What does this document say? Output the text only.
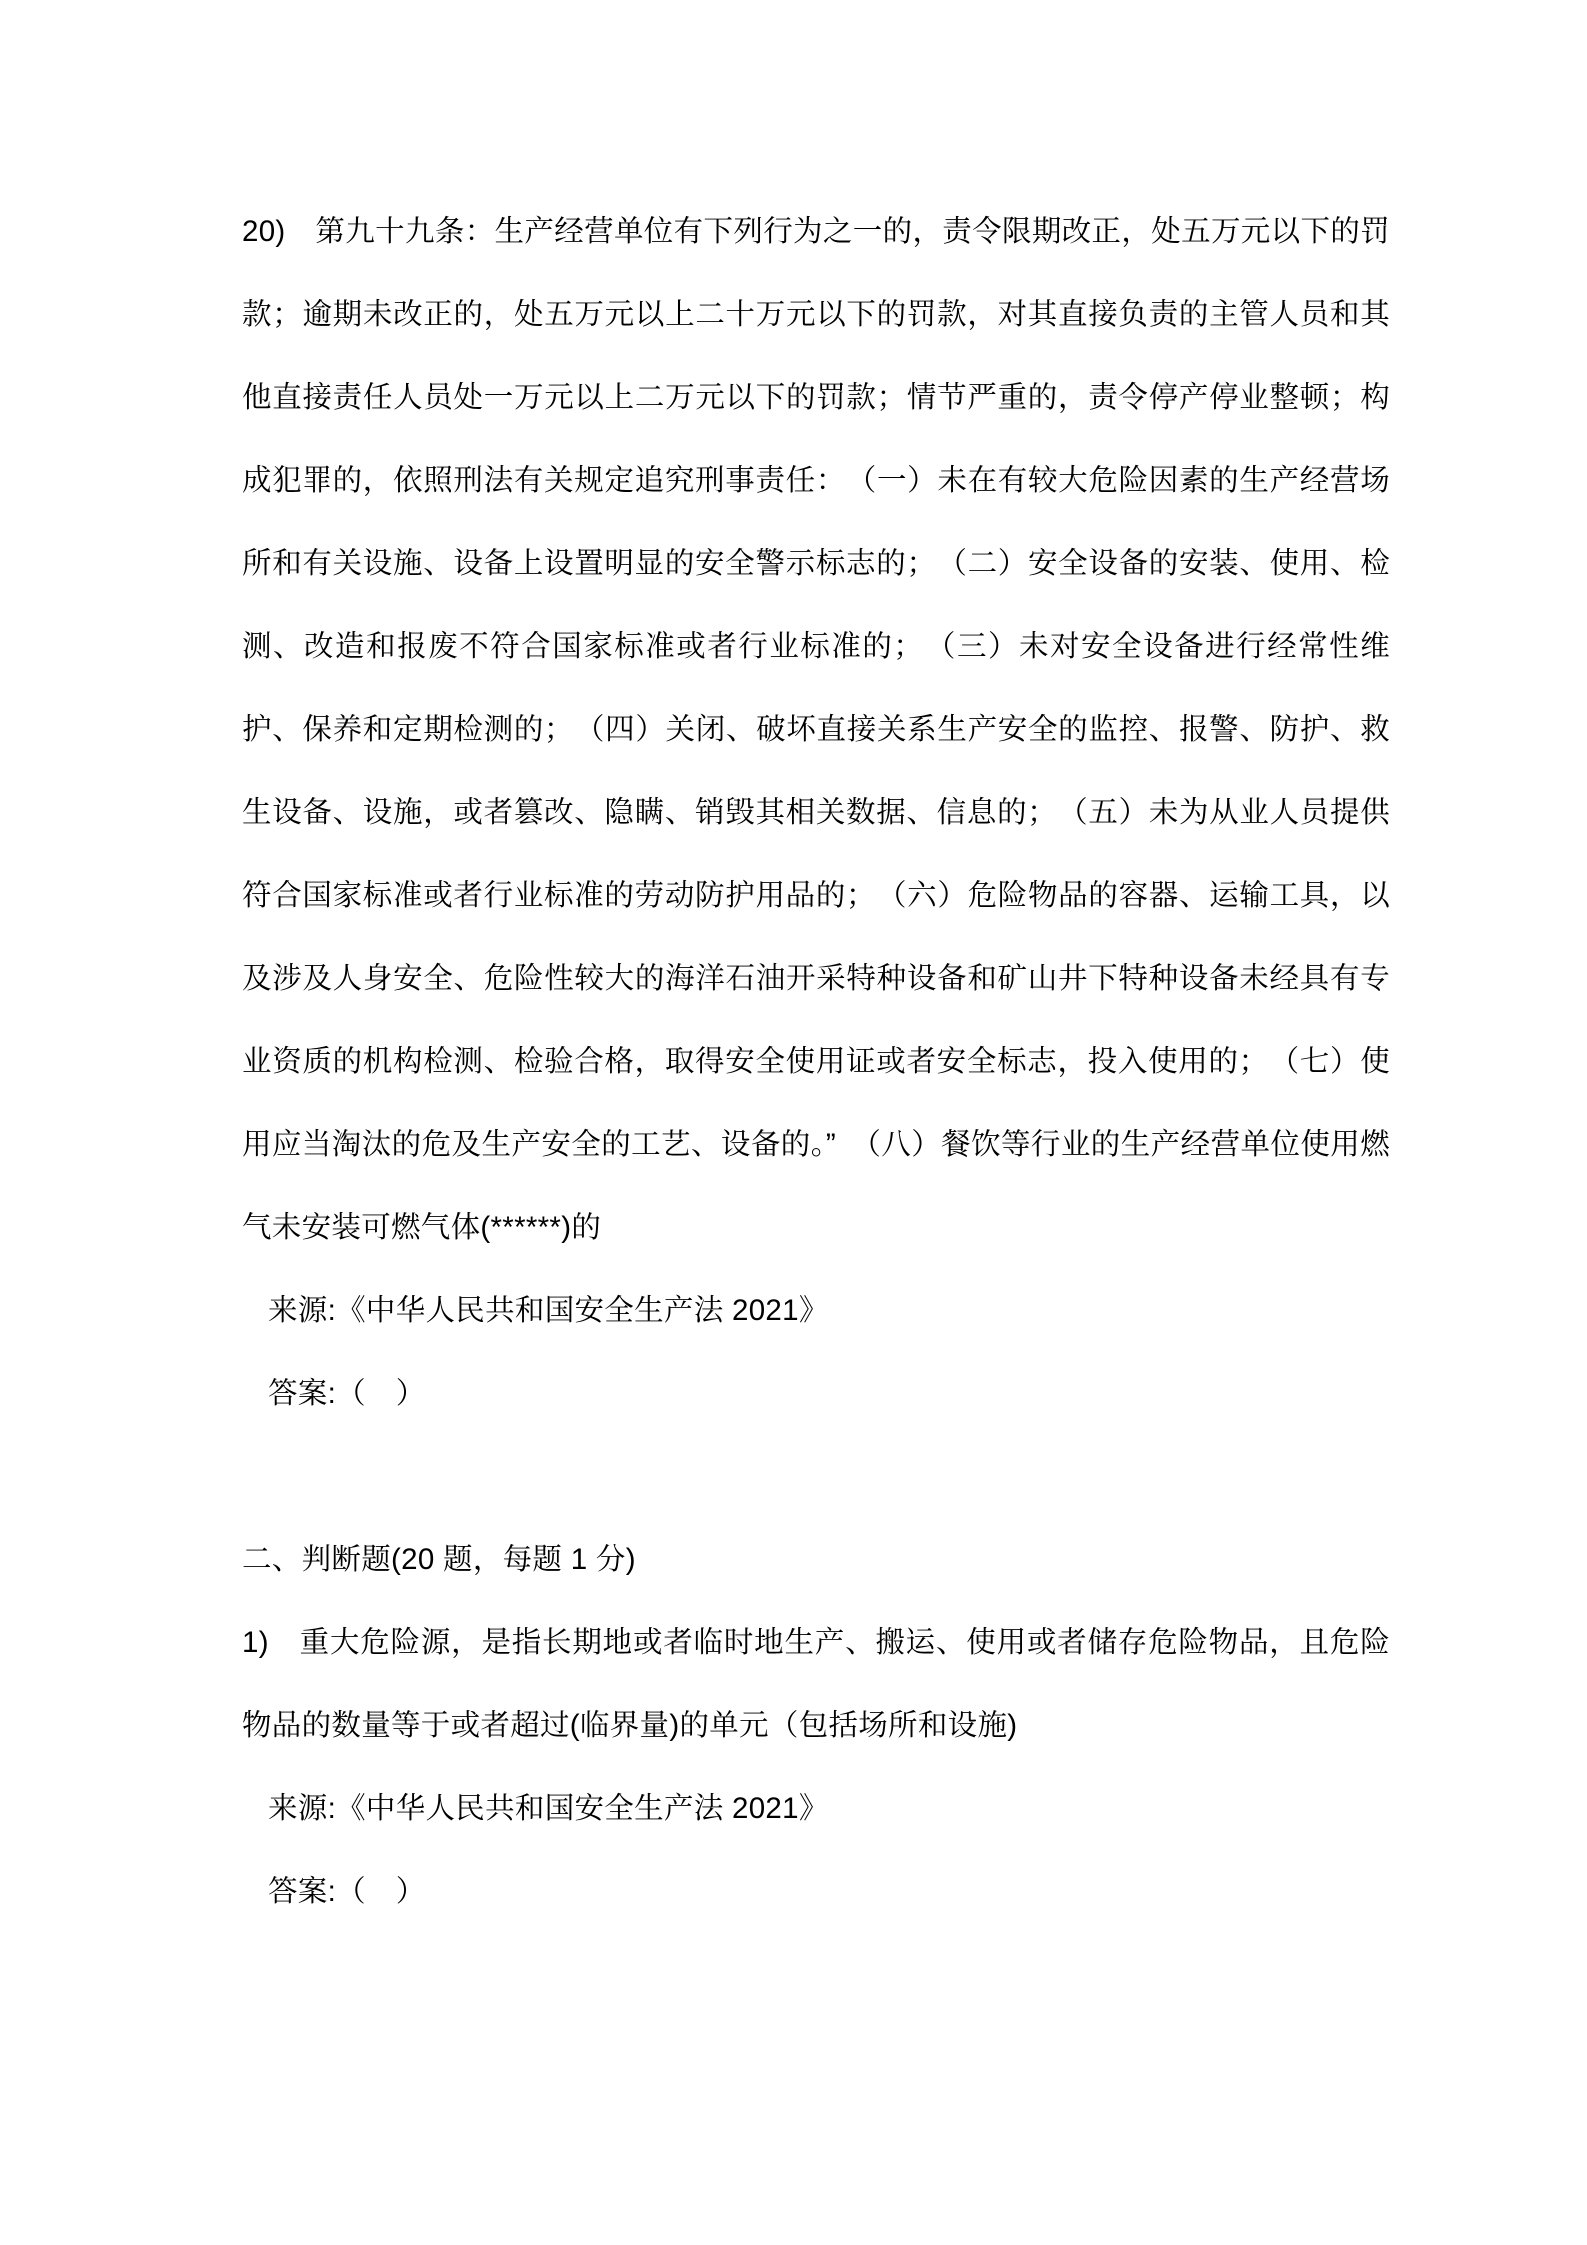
20)　第九十九条：生产经营单位有下列行为之一的，责令限期改正，处五万元以下的罚款；逾期未改正的，处五万元以上二十万元以下的罚款，对其直接负责的主管人员和其他直接责任人员处一万元以上二万元以下的罚款；情节严重的，责令停产停业整顿；构成犯罪的，依照刑法有关规定追究刑事责任：　（一）未在有较大危险因素的生产经营场所和有关设施、设备上设置明显的安全警示标志的；　（二）安全设备的安装、使用、检测、改造和报废不符合国家标准或者行业标准的；　（三）未对安全设备进行经常性维护、保养和定期检测的；　（四）关闭、破坏直接关系生产安全的监控、报警、防护、救生设备、设施，或者篡改、隐瞒、销毁其相关数据、信息的；　（五）未为从业人员提供符合国家标准或者行业标准的劳动防护用品的；　（六）危险物品的容器、运输工具，以及涉及人身安全、危险性较大的海洋石油开采特种设备和矿山井下特种设备未经具有专业资质的机构检测、检验合格，取得安全使用证或者安全标志，投入使用的；　（七）使用应当淘汰的危及生产安全的工艺、设备的。”　（八）餐饮等行业的生产经营单位使用燃气未安装可燃气体(******)的

来源:《中华人民共和国安全生产法 2021》

答案:（　）

二、判断题(20 题，每题 1 分)

1)　重大危险源，是指长期地或者临时地生产、搬运、使用或者储存危险物品，且危险物品的数量等于或者超过(临界量)的单元（包括场所和设施)

来源:《中华人民共和国安全生产法 2021》

答案:（　）
